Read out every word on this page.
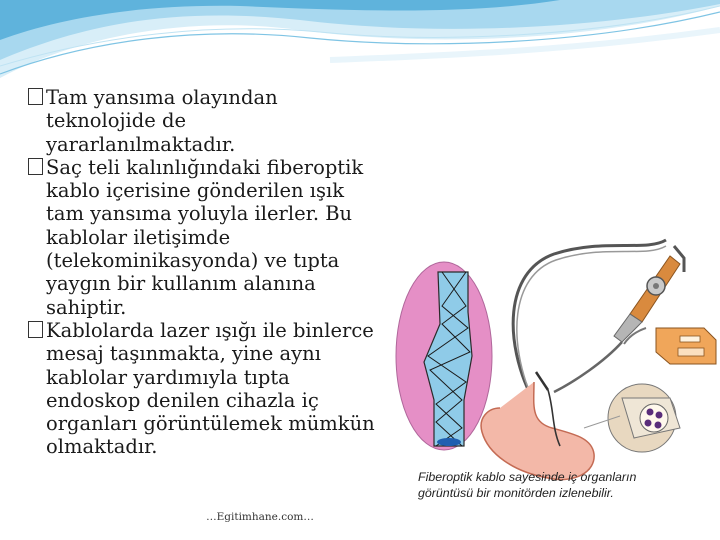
Tam yansıma olayından teknolojide de yararlanılmaktadır.

Saç teli kalınlığındaki fiberoptik kablo içerisine gönderilen ışık tam yansıma yoluyla ilerler. Bu kablolar iletişimde (telekominikasyonda) ve tıpta yaygın bir kullanım alanına sahiptir.

Kablolarda lazer ışığı ile binlerce mesaj taşınmakta, yine aynı kablolar yardımıyla tıpta endoskop denilen cihazla iç organları görüntülemek mümkün olmaktadır.

Fiberoptik kablo sayesinde iç organların
görüntüsü bir monitörden izlenebilir.
…Egitimhane.com…
